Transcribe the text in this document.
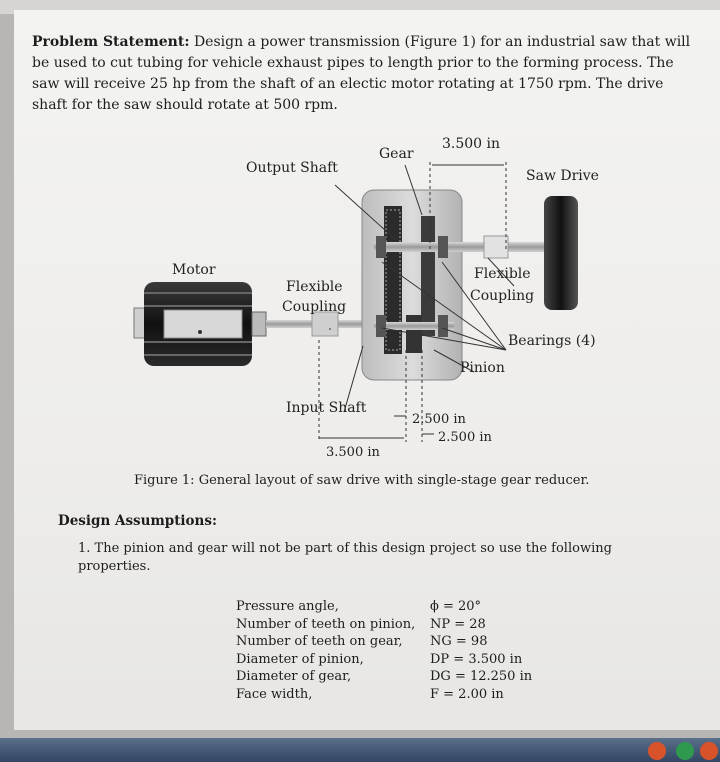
Problem Statement: Design a power transmission (Figure 1) for an industrial saw that will be used to cut tubing for vehicle exhaust pipes to length prior to the forming process. The saw will receive 25 hp from the shaft of an electic motor rotating at 1750 rpm. The drive shaft for the saw should rotate at 500 rpm.

Gear
3.500 in
Output Shaft	Saw Drive
Motor
Flexible
Coupling
Flexible
Coupling
Bearings (4)
Pinion
Input Shaft
2.500 in
2.500 in
3.500 in

Figure 1: General layout of saw drive with single-stage gear reducer.

Design Assumptions:

1. The pinion and gear will not be part of this design project so use the following properties.

Pressure angle,	ϕ = 20°
Number of teeth on pinion,	NP = 28
Number of teeth on gear,	NG = 98
Diameter of pinion,	DP = 3.500 in
Diameter of gear,	DG = 12.250 in
Face width,	F = 2.00 in
